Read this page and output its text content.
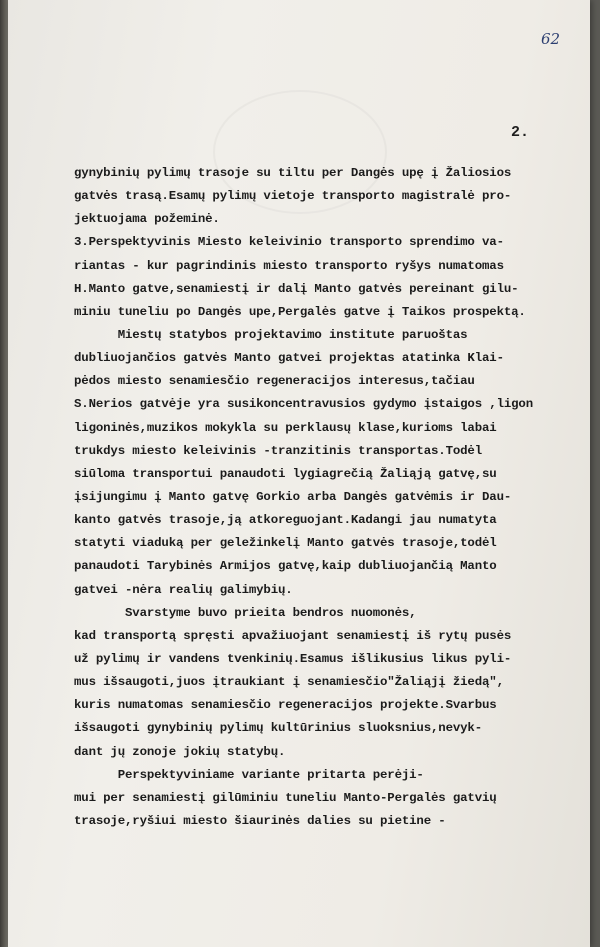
62
2.
gynybinių pylimų trasoje su tiltu per Dangės upę į Žaliosios
gatvės trasą.Esamų pylimų vietoje transporto magistralė pro-
jektuojama požeminė.
3.Perspektyvinis Miesto keleivinio transporto sprendimo va-
riantas - kur pagrindinis miesto transporto ryšys numatomas
H.Manto gatve,senamiestį ir dalį Manto gatvės pereinant gilu-
miniu tuneliu po Dangės upe,Pergalės gatve į Taikos prospektą.
Miestų statybos projektavimo institute paruoštas
dubliuojančios gatvės Manto gatvei projektas atatinka Klai-
pėdos miesto senamiesčio regeneracijos interesus,tačiau
S.Nerios gatvėje yra susikoncentravusios gydymo įstaigos ,ligon
ligoninės,muzikos mokykla su perklausų klase,kurioms labai
trukdys miesto keleivinis -tranzitinis transportas.Todėl
siūloma transportui panaudoti lygiagrečią Žaliąją gatvę,su
įsijungimu į Manto gatvę Gorkio arba Dangės gatvėmis ir Dau-
kanto gatvės trasoje,ją atkoreguojant.Kadangi jau numatyta
statyti viaduką per geležinkelį Manto gatvės trasoje,todėl
panaudoti Tarybinės Armijos gatvę,kaip dubliuojančią Manto
gatvei -nėra realių galimybių.
Svarstyme buvo prieita bendros nuomonės,
kad transportą spręsti apvažiuojant senamiestį iš rytų pusės
už pylimų ir vandens tvenkinių.Esamus išlikusius likus pyli-
mus išsaugoti,juos įtraukiant į senamiesčio"Žaliąjį žiedą",
kuris numatomas senamiesčio regeneracijos projekte.Svarbus
išsaugoti gynybinių pylimų kultūrinius sluoksnius,nevyk-
dant jų zonoje jokių statybų.
Perspektyviniame variante pritarta perėji-
mui per senamiestį gilūminiu tuneliu Manto-Pergalės gatvių
trasoje,ryšiui miesto šiaurinės dalies su pietine -
